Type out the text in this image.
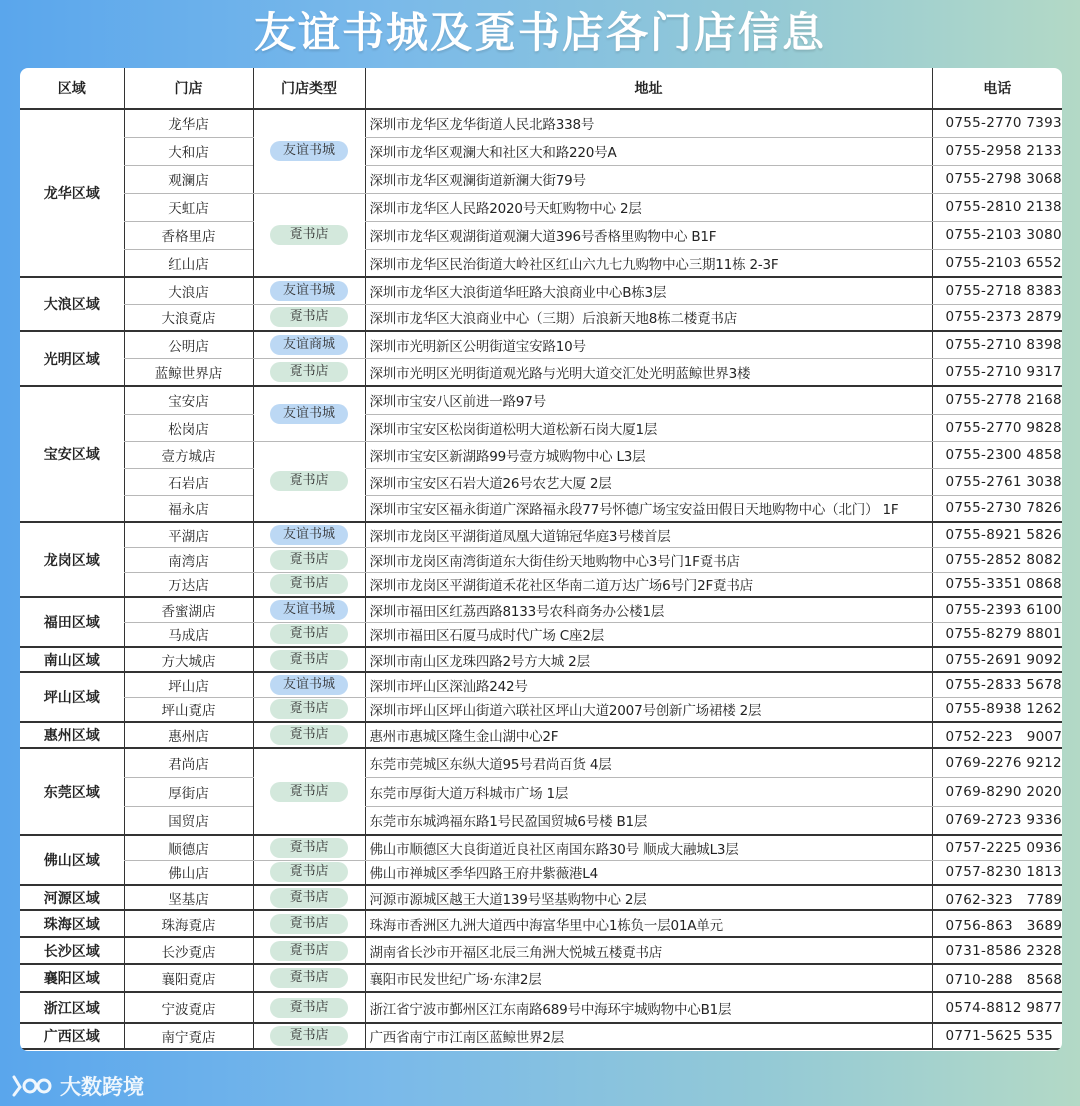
友谊书城及覔书店各门店信息
区域	门店	门店类型	地址	电话
龙华区域	龙华店	友谊书城	深圳市龙华区龙华街道人民北路338号	0755-2770 7393
	大和店		深圳市龙华区观澜大和社区大和路220号A	0755-2958 2133
	观澜店		深圳市龙华区观澜街道新澜大街79号	0755-2798 3068
	天虹店	覔书店	深圳市龙华区人民路2020号天虹购物中心 2层	0755-2810 2138
	香格里店		深圳市龙华区观湖街道观澜大道396号香格里购物中心 B1F	0755-2103 3080
	红山店		深圳市龙华区民治街道大岭社区红山六九七九购物中心三期11栋 2-3F	0755-2103 6552
大浪区域	大浪店	友谊书城	深圳市龙华区大浪街道华旺路大浪商业中心B栋3层	0755-2718 8383
	大浪覔店	覔书店	深圳市龙华区大浪商业中心（三期）后浪新天地8栋二楼覔书店	0755-2373 2879
光明区域	公明店	友谊商城	深圳市光明新区公明街道宝安路10号	0755-2710 8398
	蓝鲸世界店	覔书店	深圳市光明区光明街道观光路与光明大道交汇处光明蓝鲸世界3楼	0755-2710 9317
宝安区域	宝安店	友谊书城	深圳市宝安八区前进一路97号	0755-2778 2168
	松岗店		深圳市宝安区松岗街道松明大道松新石岗大厦1层	0755-2770 9828
	壹方城店	覔书店	深圳市宝安区新湖路99号壹方城购物中心 L3层	0755-2300 4858
	石岩店		深圳市宝安区石岩大道26号农艺大厦 2层	0755-2761 3038
	福永店		深圳市宝安区福永街道广深路福永段77号怀德广场宝安益田假日天地购物中心（北门） 1F	0755-2730 7826
龙岗区域	平湖店	友谊书城	深圳市龙岗区平湖街道凤凰大道锦冠华庭3号楼首层	0755-8921 5826
	南湾店	覔书店	深圳市龙岗区南湾街道东大街佳纷天地购物中心3号门1F覔书店	0755-2852 8082
	万达店	覔书店	深圳市龙岗区平湖街道禾花社区华南二道万达广场6号门2F覔书店	0755-3351 0868
福田区域	香蜜湖店	友谊书城	深圳市福田区红荔西路8133号农科商务办公楼1层	0755-2393 6100
	马成店	覔书店	深圳市福田区石厦马成时代广场 C座2层	0755-8279 8801
南山区域	方大城店	覔书店	深圳市南山区龙珠四路2号方大城 2层	0755-2691 9092
坪山区域	坪山店	友谊书城	深圳市坪山区深汕路242号	0755-2833 5678
	坪山覔店	覔书店	深圳市坪山区坪山街道六联社区坪山大道2007号创新广场裙楼 2层	0755-8938 1262
惠州区域	惠州店	覔书店	惠州市惠城区隆生金山湖中心2F	0752-223　9007
东莞区域	君尚店	覔书店	东莞市莞城区东纵大道95号君尚百货 4层	0769-2276 9212
	厚街店		东莞市厚街大道万科城市广场 1层	0769-8290 2020
	国贸店		东莞市东城鸿福东路1号民盈国贸城6号楼 B1层	0769-2723 9336
佛山区域	顺德店	覔书店	佛山市顺德区大良街道近良社区南国东路30号 顺成大融城L3层	0757-2225 0936
	佛山店	覔书店	佛山市禅城区季华四路王府井紫薇港L4	0757-8230 1813
河源区域	坚基店	覔书店	河源市源城区越王大道139号坚基购物中心 2层	0762-323　7789
珠海区域	珠海覔店	覔书店	珠海市香洲区九洲大道西中海富华里中心1栋负一层01A单元	0756-863　3689
长沙区域	长沙覔店	覔书店	湖南省长沙市开福区北辰三角洲大悦城五楼覔书店	0731-8586 2328
襄阳区域	襄阳覔店	覔书店	襄阳市民发世纪广场·东津2层	0710-288　8568
浙江区域	宁波覔店	覔书店	浙江省宁波市鄞州区江东南路689号中海环宇城购物中心B1层	0574-8812 9877
广西区域	南宁覔店	覔书店	广西省南宁市江南区蓝鲸世界2层	0771-5625 535
大数跨境
